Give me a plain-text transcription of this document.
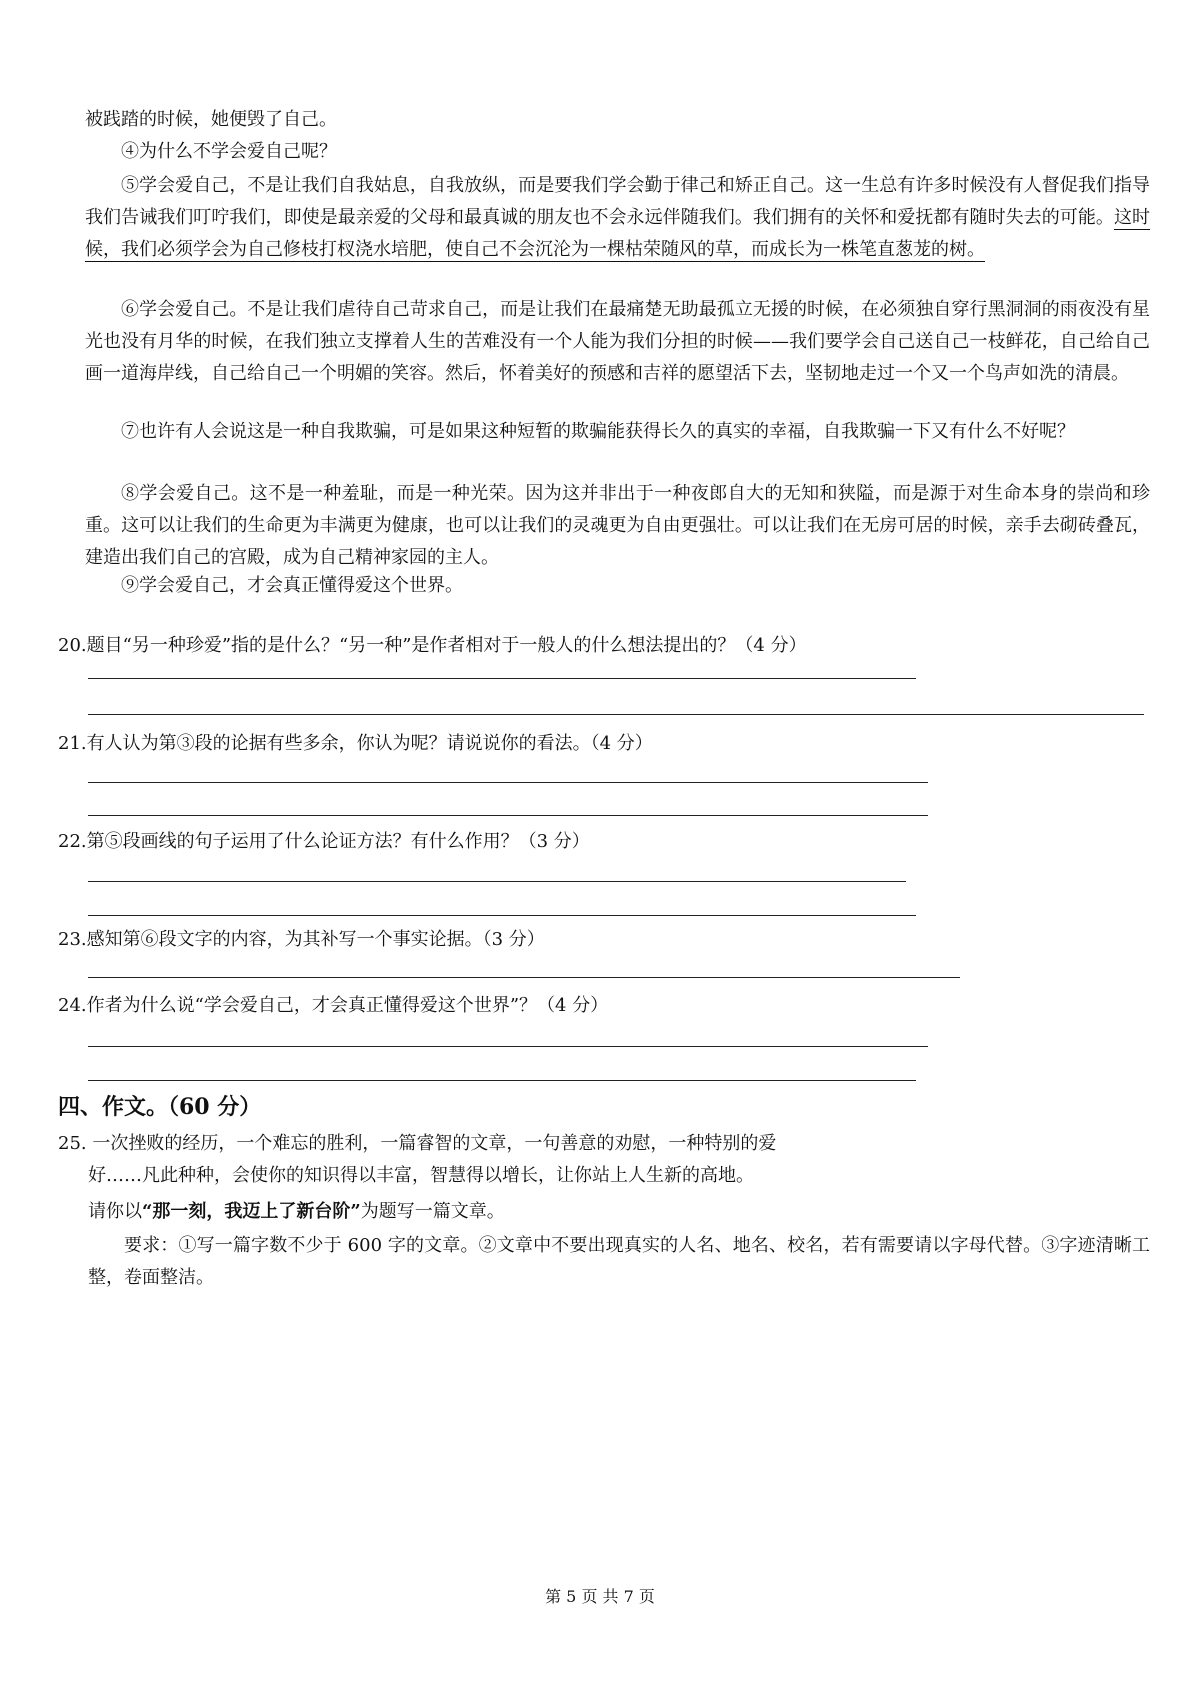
被践踏的时候，她便毁了自己。

④为什么不学会爱自己呢？

⑤学会爱自己，不是让我们自我姑息，自我放纵，而是要我们学会勤于律己和矫正自己。这一生总有许多时候没有人督促我们指导我们告诫我们叮咛我们，即使是最亲爱的父母和最真诚的朋友也不会永远伴随我们。我们拥有的关怀和爱抚都有随时失去的可能。这时候，我们必须学会为自己修枝打杈浇水培肥，使自己不会沉沦为一棵枯荣随风的草，而成长为一株笔直葱茏的树。

⑥学会爱自己。不是让我们虐待自己苛求自己，而是让我们在最痛楚无助最孤立无援的时候，在必须独自穿行黑洞洞的雨夜没有星光也没有月华的时候，在我们独立支撑着人生的苦难没有一个人能为我们分担的时候——我们要学会自己送自己一枝鲜花，自己给自己画一道海岸线，自己给自己一个明媚的笑容。然后，怀着美好的预感和吉祥的愿望活下去，坚韧地走过一个又一个鸟声如洗的清晨。

⑦也许有人会说这是一种自我欺骗，可是如果这种短暂的欺骗能获得长久的真实的幸福，自我欺骗一下又有什么不好呢？

⑧学会爱自己。这不是一种羞耻，而是一种光荣。因为这并非出于一种夜郎自大的无知和狭隘，而是源于对生命本身的崇尚和珍重。这可以让我们的生命更为丰满更为健康，也可以让我们的灵魂更为自由更强壮。可以让我们在无房可居的时候，亲手去砌砖叠瓦，建造出我们自己的宫殿，成为自己精神家园的主人。

⑨学会爱自己，才会真正懂得爱这个世界。

20.题目“另一种珍爱”指的是什么？“另一种”是作者相对于一般人的什么想法提出的？（4 分）

21.有人认为第③段的论据有些多余，你认为呢？请说说你的看法。（4 分）

22.第⑤段画线的句子运用了什么论证方法？有什么作用？（3 分）

23.感知第⑥段文字的内容，为其补写一个事实论据。（3 分）

24.作者为什么说“学会爱自己，才会真正懂得爱这个世界”？（4 分）

四、作文。（60 分）

25. 一次挫败的经历，一个难忘的胜利，一篇睿智的文章，一句善意的劝慰，一种特别的爱

好……凡此种种，会使你的知识得以丰富，智慧得以增长，让你站上人生新的高地。

请你以“那一刻，我迈上了新台阶”为题写一篇文章。

要求：①写一篇字数不少于 600 字的文章。②文章中不要出现真实的人名、地名、校名，若有需要请以字母代替。③字迹清晰工整，卷面整洁。

第 5 页 共 7 页
